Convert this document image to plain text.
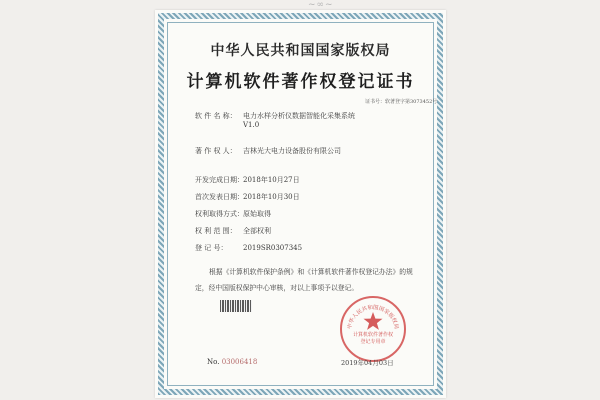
~∞~
中华人民共和国国家版权局
计算机软件著作权登记证书
证书号：软著登字第3073452号
软 件 名 称： 电力水样分析仪数据智能化采集系统
V1.0
著 作 权 人： 吉林光大电力设备股份有限公司
开发完成日期：2018年10月27日
首次发表日期：2018年10月30日
权利取得方式：原始取得
权 利 范 围： 全部权利
登 记 号： 2019SR0307345
根据《计算机软件保护条例》和《计算机软件著作权登记办法》的规定，经中国版权保护中心审核，对以上事项予以登记。
No. 03006418
中华人民共和国国家版权局
计算机软件著作权
登记专用章
2019年04月03日
